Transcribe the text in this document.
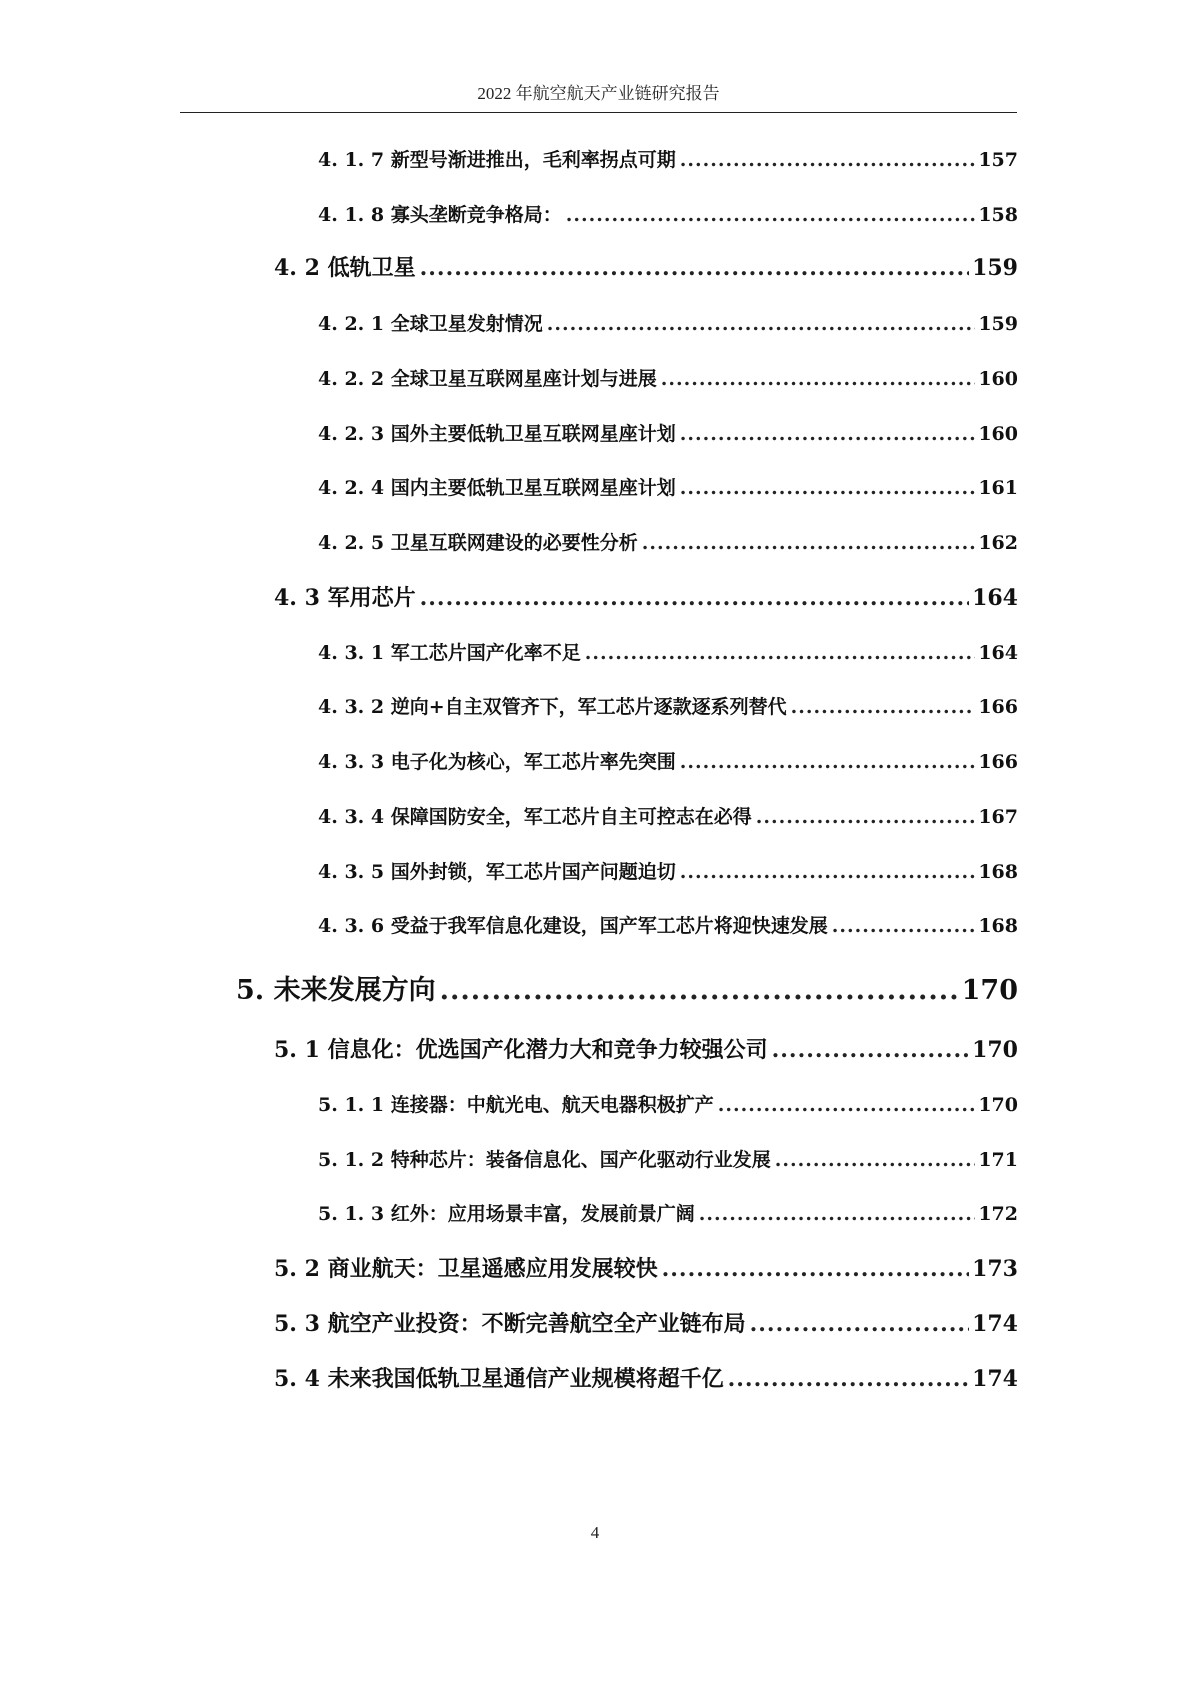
2022 年航空航天产业链研究报告
4. 1. 7 新型号渐进推出，毛利率拐点可期 .....	157
4. 1. 8 寡头垄断竞争格局： .....	158
4. 2 低轨卫星 .....	159
4. 2. 1 全球卫星发射情况 .....	159
4. 2. 2 全球卫星互联网星座计划与进展 .....	160
4. 2. 3 国外主要低轨卫星互联网星座计划 .....	160
4. 2. 4 国内主要低轨卫星互联网星座计划 .....	161
4. 2. 5 卫星互联网建设的必要性分析 .....	162
4. 3 军用芯片 .....	164
4. 3. 1 军工芯片国产化率不足 .....	164
4. 3. 2 逆向+自主双管齐下，军工芯片逐款逐系列替代 .....	166
4. 3. 3 电子化为核心，军工芯片率先突围 .....	166
4. 3. 4 保障国防安全，军工芯片自主可控志在必得 .....	167
4. 3. 5 国外封锁，军工芯片国产问题迫切 .....	168
4. 3. 6 受益于我军信息化建设，国产军工芯片将迎快速发展 .....	168
5. 未来发展方向 .....	170
5. 1 信息化：优选国产化潜力大和竞争力较强公司 .....	170
5. 1. 1 连接器：中航光电、航天电器积极扩产 .....	170
5. 1. 2 特种芯片：装备信息化、国产化驱动行业发展 .....	171
5. 1. 3 红外：应用场景丰富，发展前景广阔 .....	172
5. 2 商业航天：卫星遥感应用发展较快 .....	173
5. 3 航空产业投资：不断完善航空全产业链布局 .....	174
5. 4 未来我国低轨卫星通信产业规模将超千亿 .....	174
4
